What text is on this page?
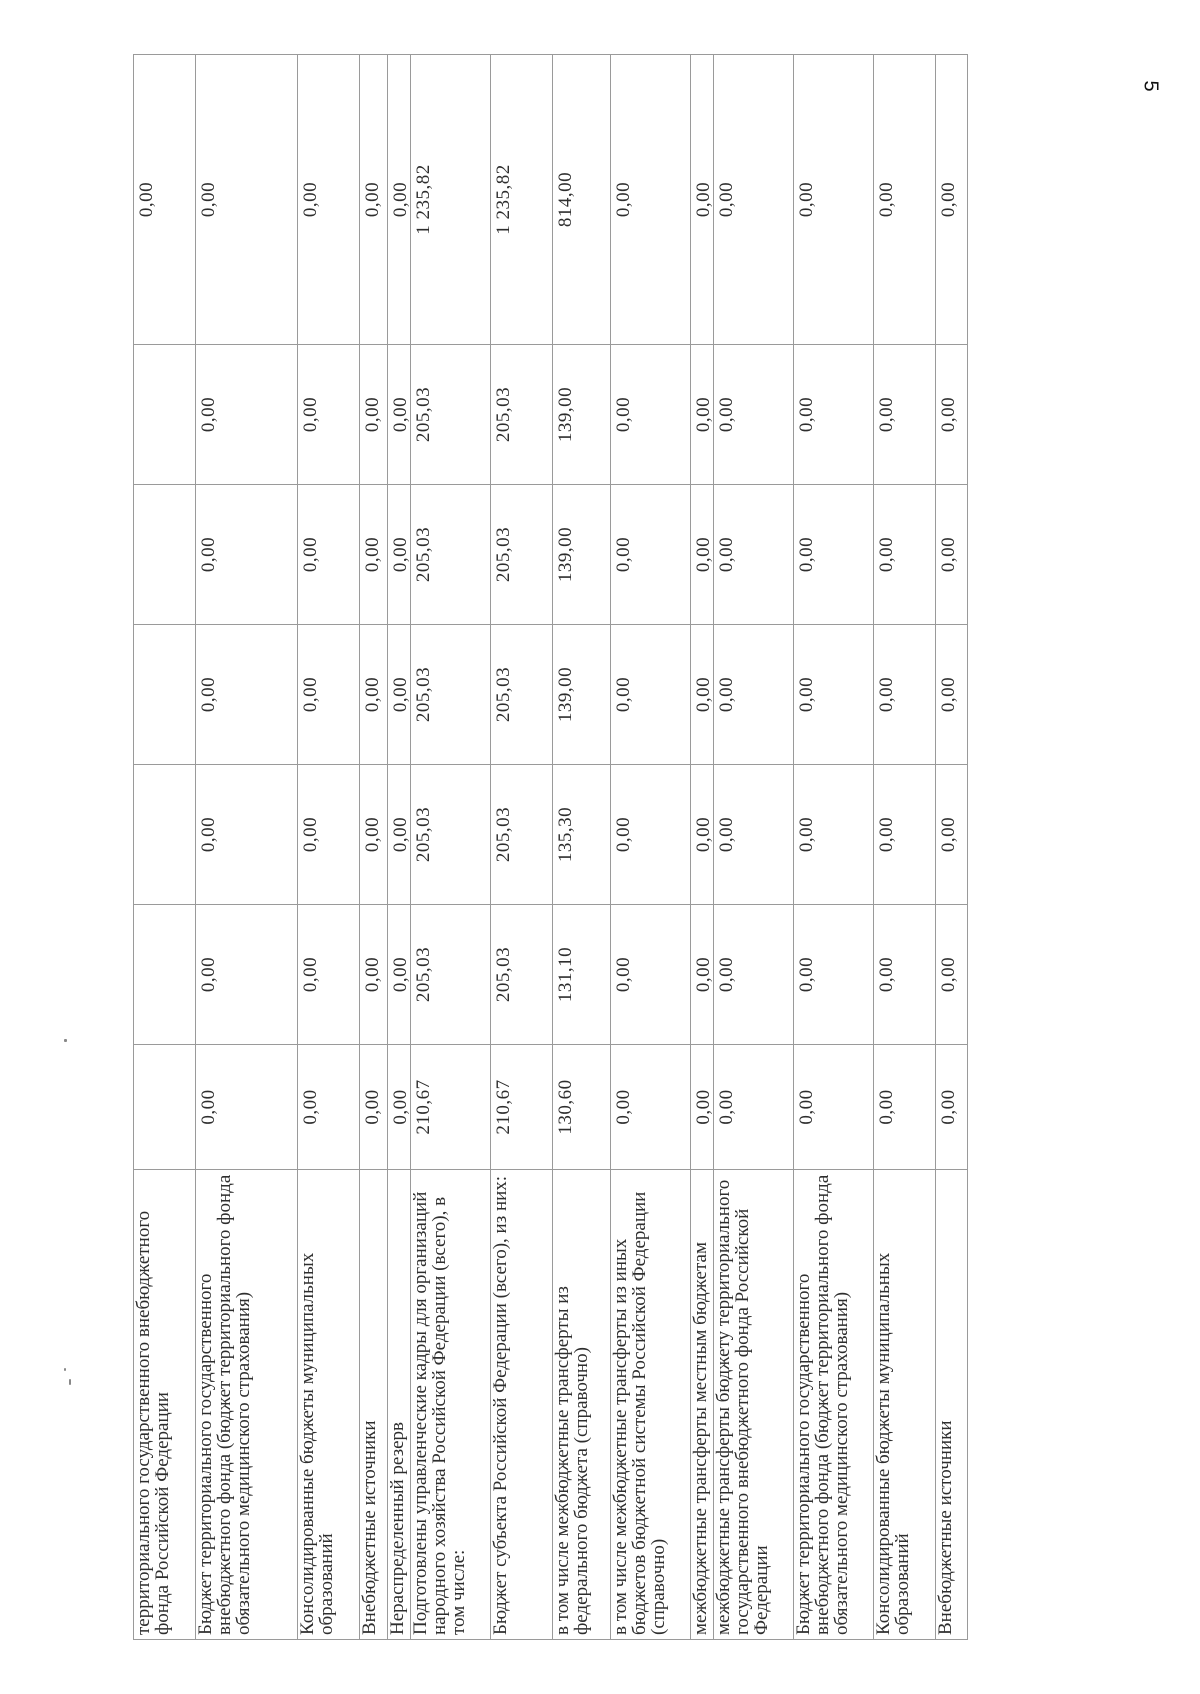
5
территориального государственного внебюджетного фонда Российской Федерации							0,00
Бюджет территориального государственного внебюджетного фонда (бюджет территориального фонда обязательного медицинского страхования)	0,00	0,00	0,00	0,00	0,00	0,00	0,00
Консолидированные бюджеты муниципальных образований	0,00	0,00	0,00	0,00	0,00	0,00	0,00
Внебюджетные источники	0,00	0,00	0,00	0,00	0,00	0,00	0,00
Нераспределенный резерв	0,00	0,00	0,00	0,00	0,00	0,00	0,00
Подготовлены управленческие кадры для организаций народного хозяйства Российской Федерации (всего), в том числе:	210,67	205,03	205,03	205,03	205,03	205,03	1 235,82
Бюджет субъекта Российской Федерации (всего), из них:	210,67	205,03	205,03	205,03	205,03	205,03	1 235,82
в том числе межбюджетные трансферты из федерального бюджета (справочно)	130,60	131,10	135,30	139,00	139,00	139,00	814,00
в том числе межбюджетные трансферты из иных бюджетов бюджетной системы Российской Федерации (справочно)	0,00	0,00	0,00	0,00	0,00	0,00	0,00
межбюджетные трансферты местным бюджетам	0,00	0,00	0,00	0,00	0,00	0,00	0,00
межбюджетные трансферты бюджету территориального государственного внебюджетного фонда Российской Федерации	0,00	0,00	0,00	0,00	0,00	0,00	0,00
Бюджет территориального государственного внебюджетного фонда (бюджет территориального фонда обязательного медицинского страхования)	0,00	0,00	0,00	0,00	0,00	0,00	0,00
Консолидированные бюджеты муниципальных образований	0,00	0,00	0,00	0,00	0,00	0,00	0,00
Внебюджетные источники	0,00	0,00	0,00	0,00	0,00	0,00	0,00
